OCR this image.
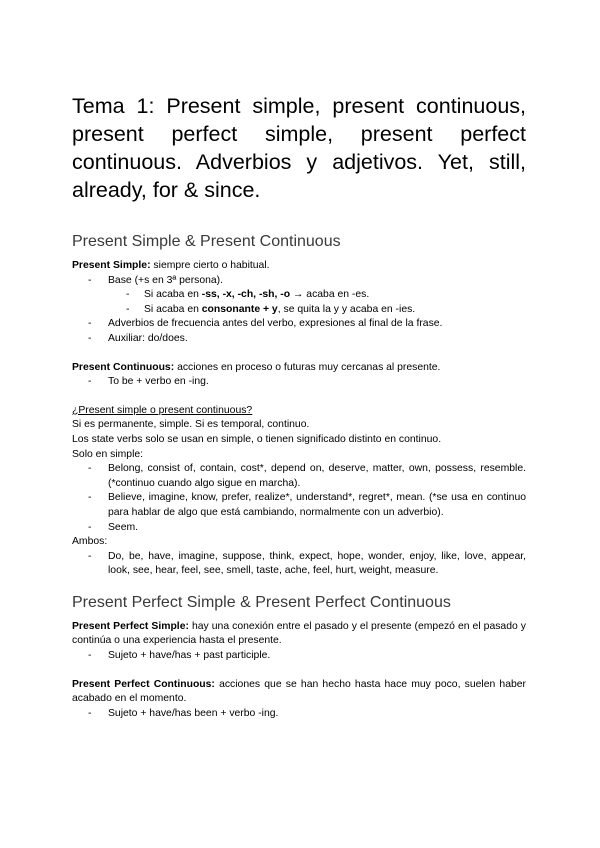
Tema 1: Present simple, present continuous, present perfect simple, present perfect continuous. Adverbios y adjetivos. Yet, still, already, for & since.
Present Simple & Present Continuous

Present Simple: siempre cierto o habitual.

- Base (+s en 3ª persona).
- Si acaba en -ss, -x, -ch, -sh, -o → acaba en -es.
- Si acaba en consonante + y, se quita la y y acaba en -ies.
- Adverbios de frecuencia antes del verbo, expresiones al final de la frase.
- Auxiliar: do/does.

Present Continuous: acciones en proceso o futuras muy cercanas al presente.

- To be + verbo en -ing.

¿Present simple o present continuous?

Si es permanente, simple. Si es temporal, continuo.

Los state verbs solo se usan en simple, o tienen significado distinto en continuo.

Solo en simple:

- Belong, consist of, contain, cost*, depend on, deserve, matter, own, possess, resemble. (*continuo cuando algo sigue en marcha).
- Believe, imagine, know, prefer, realize*, understand*, regret*, mean. (*se usa en continuo para hablar de algo que está cambiando, normalmente con un adverbio).
- Seem.

Ambos:

- Do, be, have, imagine, suppose, think, expect, hope, wonder, enjoy, like, love, appear, look, see, hear, feel, see, smell, taste, ache, feel, hurt, weight, measure.
Present Perfect Simple & Present Perfect Continuous

Present Perfect Simple: hay una conexión entre el pasado y el presente (empezó en el pasado y continúa o una experiencia hasta el presente.

- Sujeto + have/has + past participle.

Present Perfect Continuous: acciones que se han hecho hasta hace muy poco, suelen haber acabado en el momento.

- Sujeto + have/has been + verbo -ing.
